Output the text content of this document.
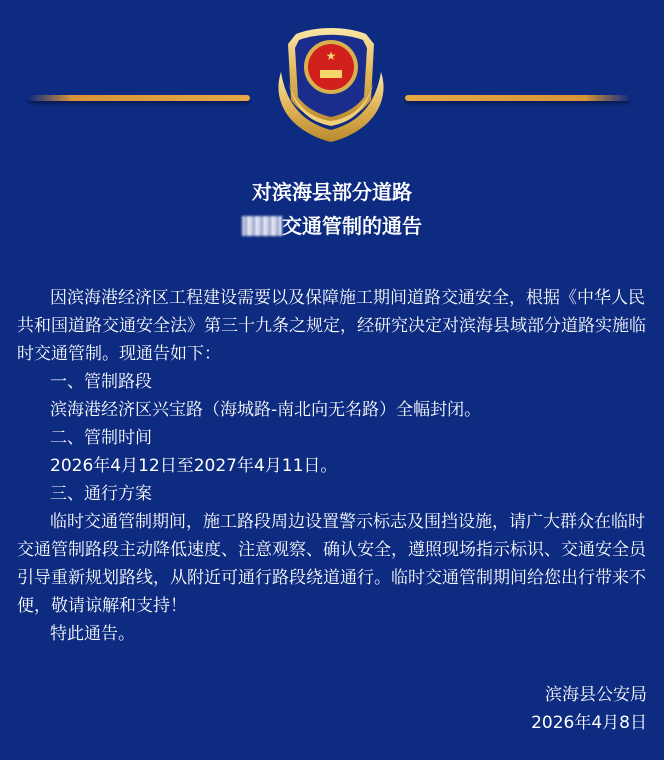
★
对滨海县部分道路
交通管制的通告

因滨海港经济区工程建设需要以及保障施工期间道路交通安全，根据《中华人民共和国道路交通安全法》第三十九条之规定，经研究决定对滨海县域部分道路实施临时交通管制。现通告如下：

一、管制路段

滨海港经济区兴宝路（海城路-南北向无名路）全幅封闭。

二、管制时间

2026年4月12日至2027年4月11日。

三、通行方案

临时交通管制期间，施工路段周边设置警示标志及围挡设施，请广大群众在临时交通管制路段主动降低速度、注意观察、确认安全，遵照现场指示标识、交通安全员引导重新规划路线，从附近可通行路段绕道通行。临时交通管制期间给您出行带来不便，敬请谅解和支持！

特此通告。

滨海县公安局
2026年4月8日
